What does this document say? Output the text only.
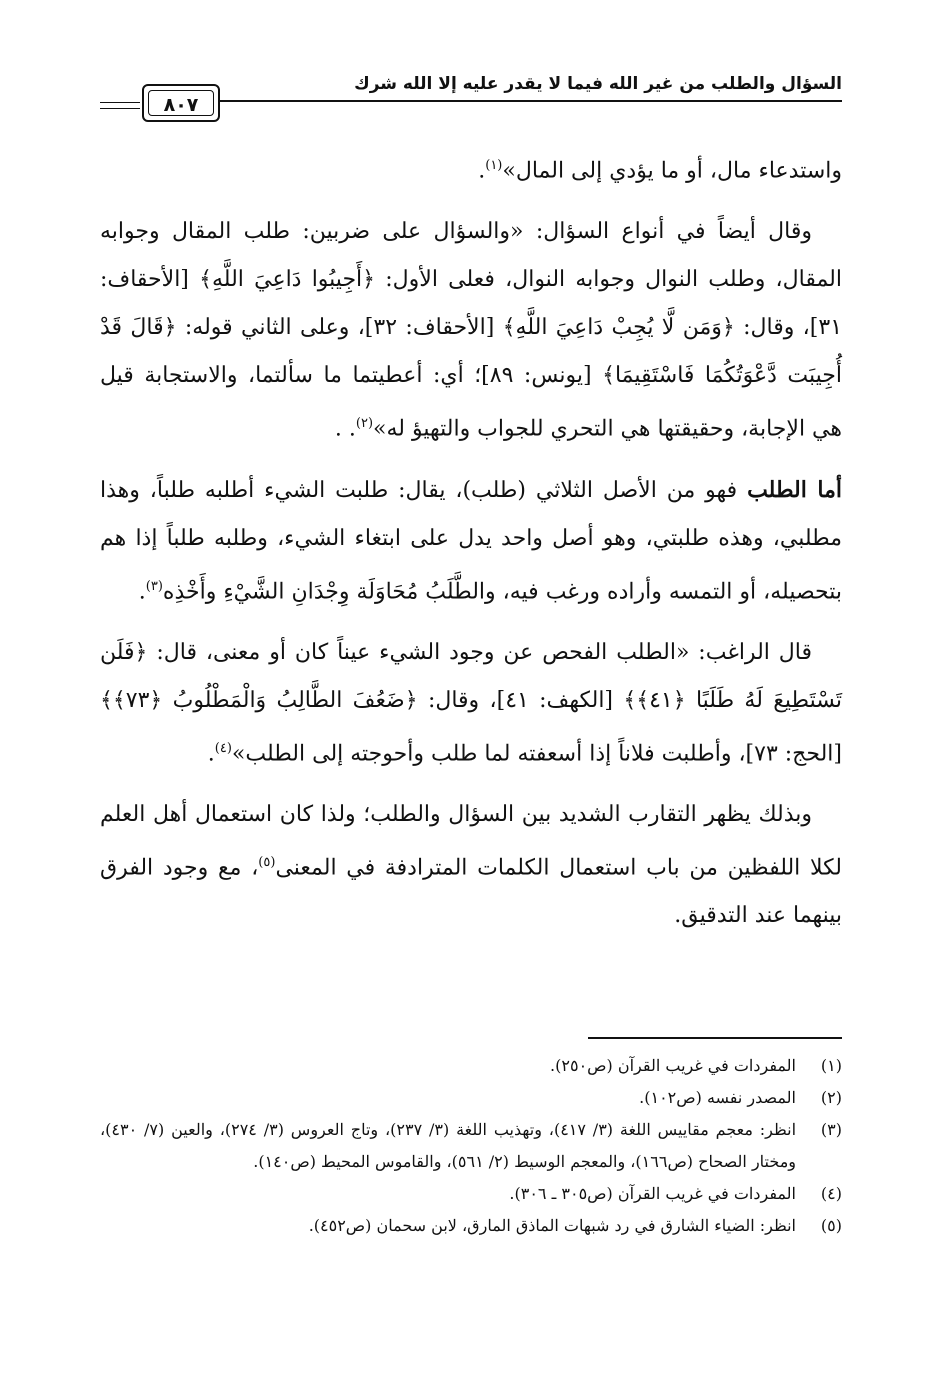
السؤال والطلب من غير الله فيما لا يقدر عليه إلا الله شرك
٨٠٧

واستدعاء مال، أو ما يؤدي إلى المال»$^{(١)}$.

وقال أيضاً في أنواع السؤال: «والسؤال على ضربين: طلب المقال وجوابه المقال، وطلب النوال وجوابه النوال، فعلى الأول: ﴿أَجِيبُوا دَاعِيَ اللَّهِ﴾ [الأحقاف: ٣١]، وقال: ﴿وَمَن لَّا يُجِبْ دَاعِيَ اللَّهِ﴾ [الأحقاف: ٣٢]، وعلى الثاني قوله: ﴿قَالَ قَدْ أُجِيبَت دَّعْوَتُكُمَا فَاسْتَقِيمَا﴾ [يونس: ٨٩]؛ أي: أعطيتما ما سألتما، والاستجابة قيل هي الإجابة، وحقيقتها هي التحري للجواب والتهيؤ له»$^{(٢)}$. .

أما الطلب فهو من الأصل الثلاثي (طلب)، يقال: طلبت الشيء أطلبه طلباً، وهذا مطلبي، وهذه طلبتي، وهو أصل واحد يدل على ابتغاء الشيء، وطلبه طلباً إذا هم بتحصيله، أو التمسه وأراده ورغب فيه، والطَّلَبُ مُحَاوَلَة وِجْدَانِ الشَّيْءِ وأَخْذِه$^{(٣)}$.

قال الراغب: «الطلب الفحص عن وجود الشيء عيناً كان أو معنى، قال: ﴿فَلَن تَسْتَطِيعَ لَهُ طَلَبًا ﴿٤١﴾﴾ [الكهف: ٤١]، وقال: ﴿ضَعُفَ الطَّالِبُ وَالْمَطْلُوبُ ﴿٧٣﴾﴾ [الحج: ٧٣]، وأطلبت فلاناً إذا أسعفته لما طلب وأحوجته إلى الطلب»$^{(٤)}$.

وبذلك يظهر التقارب الشديد بين السؤال والطلب؛ ولذا كان استعمال أهل العلم لكلا اللفظين من باب استعمال الكلمات المترادفة في المعنى$^{(٥)}$، مع وجود الفرق بينهما عند التدقيق.

(١)
المفردات في غريب القرآن (ص٢٥٠).
(٢)
المصدر نفسه (ص١٠٢).
(٣)
انظر: معجم مقاييس اللغة (٣/ ٤١٧)، وتهذيب اللغة (٣/ ٢٣٧)، وتاج العروس (٣/ ٢٧٤)، والعين (٧/ ٤٣٠)، ومختار الصحاح (ص١٦٦)، والمعجم الوسيط (٢/ ٥٦١)، والقاموس المحيط (ص١٤٠).
(٤)
المفردات في غريب القرآن (ص٣٠٥ ـ ٣٠٦).
(٥)
انظر: الضياء الشارق في رد شبهات الماذق المارق، لابن سحمان (ص٤٥٢).
